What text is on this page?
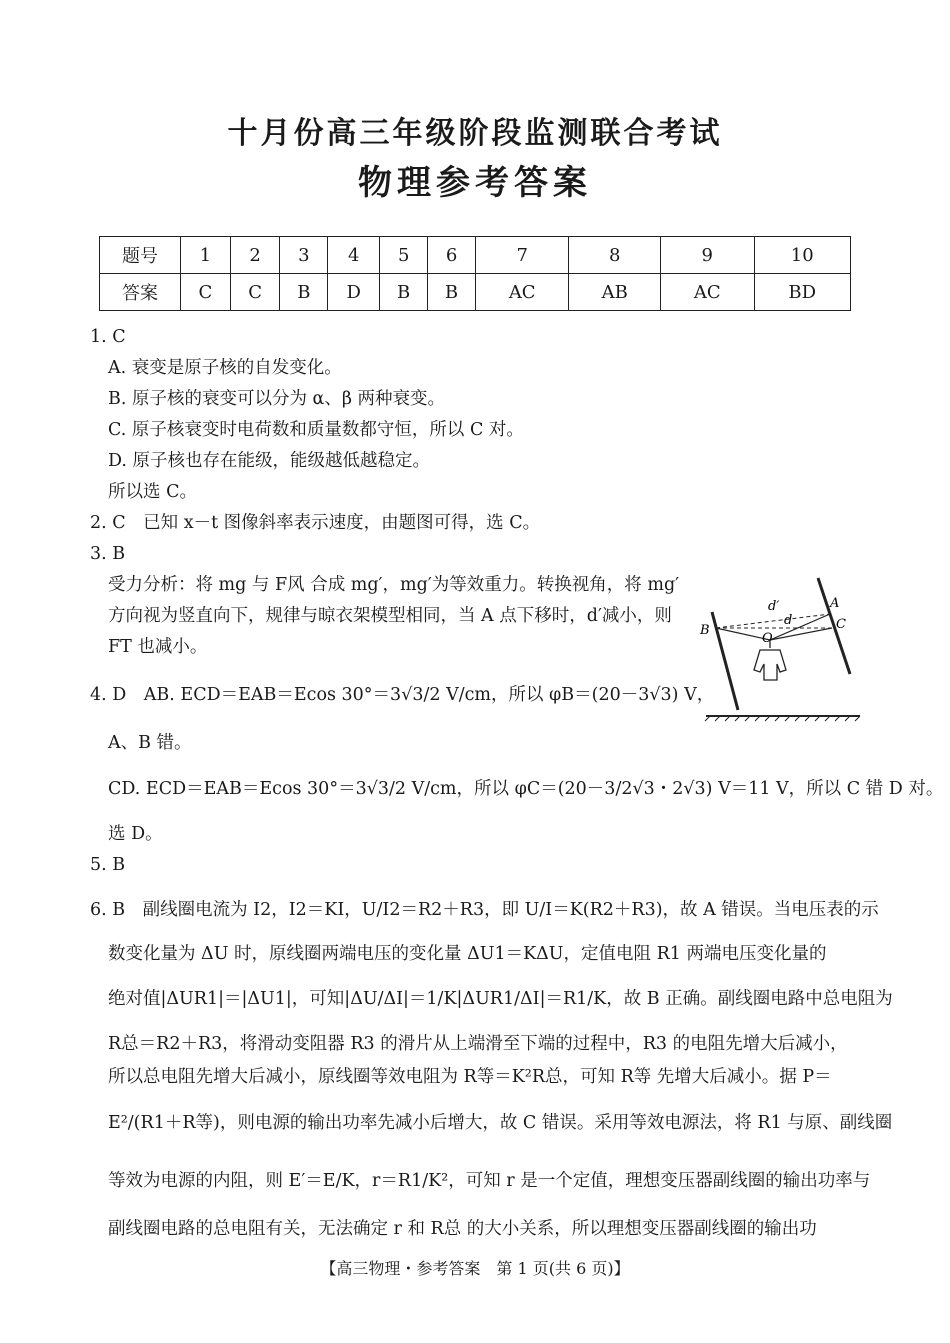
十月份高三年级阶段监测联合考试
物理参考答案
题号	1	2	3	4	5	6	7	8	9	10
答案	C	C	B	D	B	B	AC	AB	AC	BD
1. C
A. 衰变是原子核的自发变化。
B. 原子核的衰变可以分为 α、β 两种衰变。
C. 原子核衰变时电荷数和质量数都守恒，所以 C 对。
D. 原子核也存在能级，能级越低越稳定。
所以选 C。
2. C　已知 x－t 图像斜率表示速度，由题图可得，选 C。
3. B
受力分析：将 mg 与 F风 合成 mg′，mg′为等效重力。转换视角，将 mg′
方向视为竖直向下，规律与晾衣架模型相同，当 A 点下移时，d′减小，则
FT 也减小。
4. D　AB. ECD＝EAB＝Ecos 30°＝3√3/2 V/cm，所以 φB＝(20－3√3) V，
A、B 错。
CD. ECD＝EAB＝Ecos 30°＝3√3/2 V/cm，所以 φC＝(20－3/2√3・2√3) V＝11 V，所以 C 错 D 对。
选 D。
5. B
6. B　副线圈电流为 I2，I2＝KI，U/I2＝R2＋R3，即 U/I＝K(R2＋R3)，故 A 错误。当电压表的示
数变化量为 ΔU 时，原线圈两端电压的变化量 ΔU1＝KΔU，定值电阻 R1 两端电压变化量的
绝对值|ΔUR1|＝|ΔU1|，可知|ΔU/ΔI|＝1/K|ΔUR1/ΔI|＝R1/K，故 B 正确。副线圈电路中总电阻为
R总＝R2＋R3，将滑动变阻器 R3 的滑片从上端滑至下端的过程中，R3 的电阻先增大后减小，
所以总电阻先增大后减小，原线圈等效电阻为 R等＝K²R总，可知 R等 先增大后减小。据 P＝
E²/(R1＋R等)，则电源的输出功率先减小后增大，故 C 错误。采用等效电源法，将 R1 与原、副线圈
等效为电源的内阻，则 E′＝E/K，r＝R1/K²，可知 r 是一个定值，理想变压器副线圈的输出功率与
副线圈电路的总电阻有关，无法确定 r 和 R总 的大小关系，所以理想变压器副线圈的输出功
d′
d
A
B	C
O
【高三物理・参考答案　第 1 页(共 6 页)】
